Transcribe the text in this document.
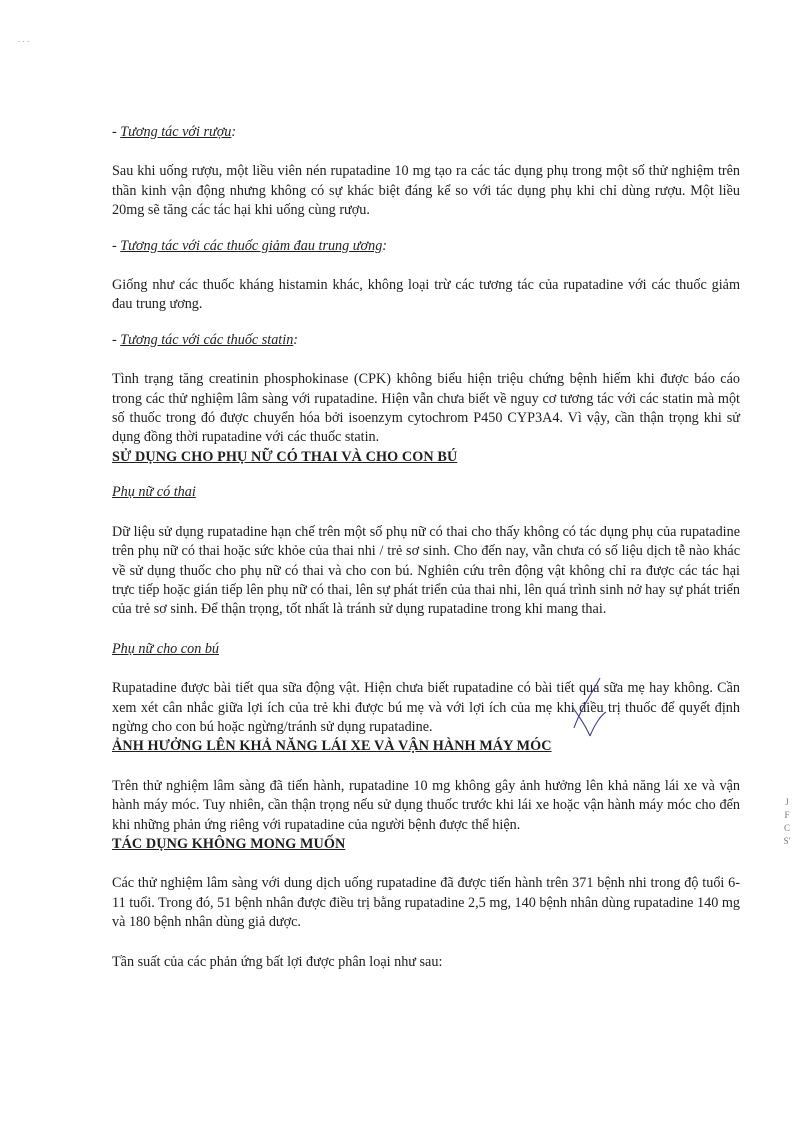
. . .

- Tương tác với rượu:

Sau khi uống rượu, một liều viên nén rupatadine 10 mg tạo ra các tác dụng phụ trong một số thử nghiệm trên thần kinh vận động nhưng không có sự khác biệt đáng kể so với tác dụng phụ khi chỉ dùng rượu. Một liều 20mg sẽ tăng các tác hại khi uống cùng rượu.

- Tương tác với các thuốc giảm đau trung ương:

Giống như các thuốc kháng histamin khác, không loại trừ các tương tác của rupatadine với các thuốc giảm đau trung ương.

- Tương tác với các thuốc statin:

Tình trạng tăng creatinin phosphokinase (CPK) không biểu hiện triệu chứng bệnh hiếm khi được báo cáo trong các thử nghiệm lâm sàng với rupatadine. Hiện vẫn chưa biết về nguy cơ tương tác với các statin mà một số thuốc trong đó được chuyển hóa bởi isoenzym cytochrom P450 CYP3A4. Vì vậy, cần thận trọng khi sử dụng đồng thời rupatadine với các thuốc statin.

SỬ DỤNG CHO PHỤ NỮ CÓ THAI VÀ CHO CON BÚ

Phụ nữ có thai

Dữ liệu sử dụng rupatadine hạn chế trên một số phụ nữ có thai cho thấy không có tác dụng phụ của rupatadine trên phụ nữ có thai hoặc sức khỏe của thai nhi / trẻ sơ sinh. Cho đến nay, vẫn chưa có số liệu dịch tễ nào khác về sử dụng thuốc cho phụ nữ có thai và cho con bú. Nghiên cứu trên động vật không chỉ ra được các tác hại trực tiếp hoặc gián tiếp lên phụ nữ có thai, lên sự phát triển của thai nhi, lên quá trình sinh nở hay sự phát triển của trẻ sơ sinh. Để thận trọng, tốt nhất là tránh sử dụng rupatadine trong khi mang thai.

Phụ nữ cho con bú

Rupatadine được bài tiết qua sữa động vật. Hiện chưa biết rupatadine có bài tiết qua sữa mẹ hay không. Cần xem xét cân nhắc giữa lợi ích của trẻ khi được bú mẹ và với lợi ích của mẹ khi điều trị thuốc để quyết định ngừng cho con bú hoặc ngừng/tránh sử dụng rupatadine.

ẢNH HƯỞNG LÊN KHẢ NĂNG LÁI XE VÀ VẬN HÀNH MÁY MÓC

Trên thử nghiệm lâm sàng đã tiến hành, rupatadine 10 mg không gây ảnh hưởng lên khả năng lái xe và vận hành máy móc. Tuy nhiên, cần thận trọng nếu sử dụng thuốc trước khi lái xe hoặc vận hành máy móc cho đến khi những phản ứng riêng với rupatadine của người bệnh được thể hiện.

TÁC DỤNG KHÔNG MONG MUỐN

Các thử nghiệm lâm sàng với dung dịch uống rupatadine đã được tiến hành trên 371 bệnh nhi trong độ tuổi 6-11 tuổi. Trong đó, 51 bệnh nhân được điều trị bằng rupatadine 2,5 mg, 140 bệnh nhân dùng rupatadine 140 mg và 180 bệnh nhân dùng giả dược.

Tần suất của các phản ứng bất lợi được phân loại như sau:

J
F
C
S'
